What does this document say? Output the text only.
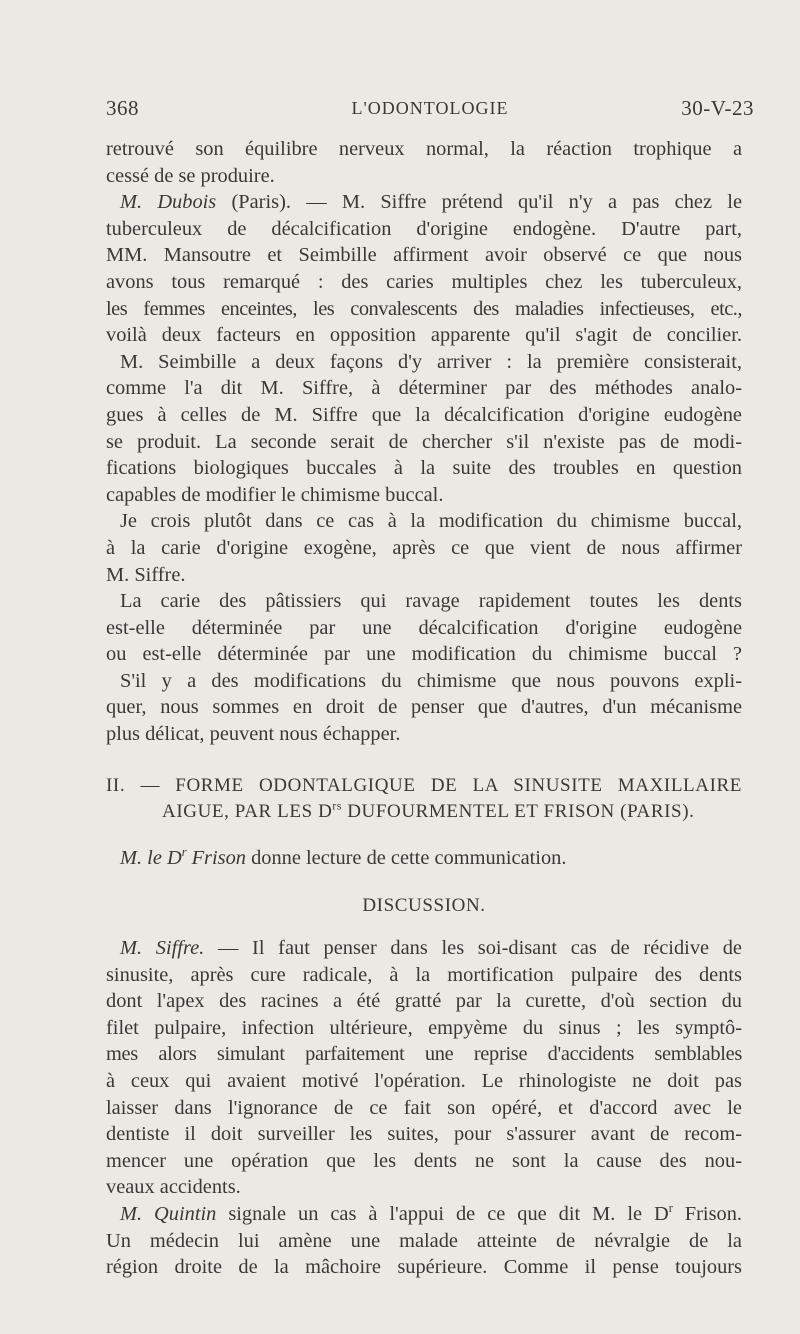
368	L'ODONTOLOGIE	30-V-23
retrouvé son équilibre nerveux normal, la réaction trophique a
cessé de se produire.
M. Dubois (Paris). — M. Siffre prétend qu'il n'y a pas chez le
tuberculeux de décalcification d'origine endogène. D'autre part,
MM. Mansoutre et Seimbille affirment avoir observé ce que nous
avons tous remarqué : des caries multiples chez les tuberculeux,
les femmes enceintes, les convalescents des maladies infectieuses, etc.,
voilà deux facteurs en opposition apparente qu'il s'agit de concilier.
M. Seimbille a deux façons d'y arriver : la première consisterait,
comme l'a dit M. Siffre, à déterminer par des méthodes analo-
gues à celles de M. Siffre que la décalcification d'origine eudogène
se produit. La seconde serait de chercher s'il n'existe pas de modi-
fications biologiques buccales à la suite des troubles en question
capables de modifier le chimisme buccal.
Je crois plutôt dans ce cas à la modification du chimisme buccal,
à la carie d'origine exogène, après ce que vient de nous affirmer
M. Siffre.
La carie des pâtissiers qui ravage rapidement toutes les dents
est-elle déterminée par une décalcification d'origine eudogène
ou est-elle déterminée par une modification du chimisme buccal ?
S'il y a des modifications du chimisme que nous pouvons expli-
quer, nous sommes en droit de penser que d'autres, d'un mécanisme
plus délicat, peuvent nous échapper.
II. — FORME ODONTALGIQUE DE LA SINUSITE MAXILLAIRE
AIGUE, PAR LES $D^{rs}$ DUFOURMENTEL ET FRISON (PARIS).
M. le $D^r$ Frison donne lecture de cette communication.
DISCUSSION.
M. Siffre. — Il faut penser dans les soi-disant cas de récidive de
sinusite, après cure radicale, à la mortification pulpaire des dents
dont l'apex des racines a été gratté par la curette, d'où section du
filet pulpaire, infection ultérieure, empyème du sinus ; les symptô-
mes alors simulant parfaitement une reprise d'accidents semblables
à ceux qui avaient motivé l'opération. Le rhinologiste ne doit pas
laisser dans l'ignorance de ce fait son opéré, et d'accord avec le
dentiste il doit surveiller les suites, pour s'assurer avant de recom-
mencer une opération que les dents ne sont la cause des nou-
veaux accidents.
M. Quintin signale un cas à l'appui de ce que dit M. le $D^r$ Frison.
Un médecin lui amène une malade atteinte de névralgie de la
région droite de la mâchoire supérieure. Comme il pense toujours
